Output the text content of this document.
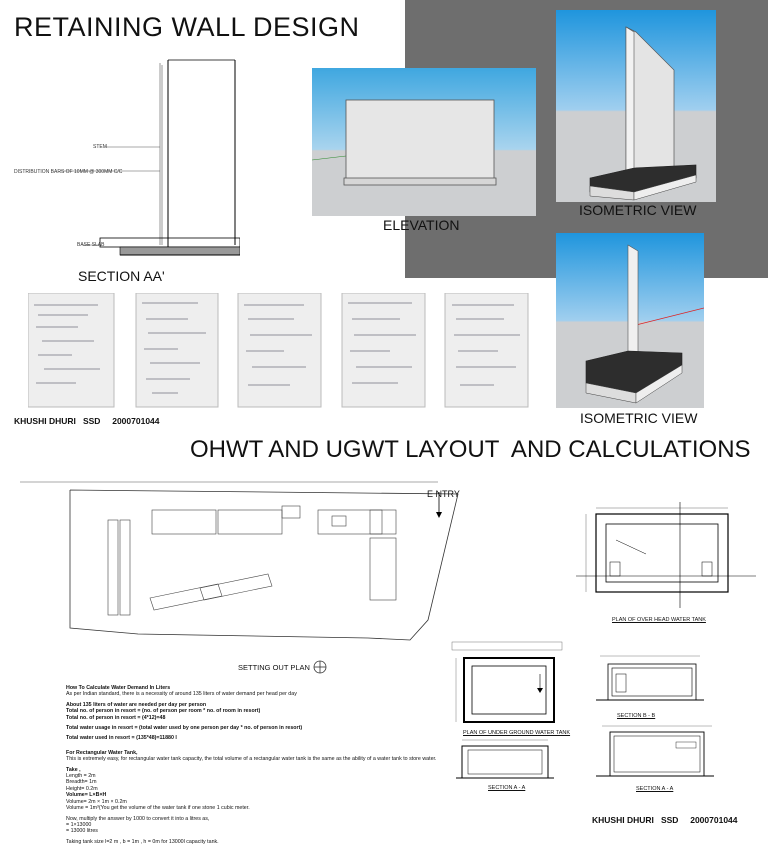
RETAINING WALL DESIGN
STEM
DISTRIBUTION BARS OF 10MM @ 300MM C/C
BASE SLAB
SECTION AA'
ELEVATION
ISOMETRIC VIEW
ISOMETRIC VIEW
KHUSHI DHURI   SSD     2000701044
OHWT AND UGWT LAYOUT  AND CALCULATIONS
E NTRY
SETTING OUT PLAN
PLAN OF OVER HEAD WATER TANK
PLAN OF UNDER GROUND WATER TANK
SECTION B - B
SECTION A - A	SECTION A - A
How To Calculate Water Demand In Liters
As per Indian standard, there is a necessity of around 135 liters of water demand per head per day
About 135 liters of water are needed per day per person
Total no. of person in resort = (no. of person per room * no. of room in resort)
Total no. of person in resort = (4*12)=48
Total water usage in resort = (total water used by one person per day * no. of person in resort)
Total water used in resort = (135*48)=11880 l
For Rectangular Water Tank,
This is extremely easy, for rectangular water tank capacity, the total volume of a rectangular water tank is the same as the ability of a water tank to store water.
Take ,
Length = 2m
Breadth= 1m
Height= 0.2m
Volume= L×B×H
Volume= 2m × 1m × 0.2m
Volume = 1m³(You get the volume of the water tank if one stone 1 cubic meter.
Now, multiply the answer by 1000 to convert it into a litres as,
= 1×13000
= 13000 litres
Taking tank size l=2 m , b = 1m , h = 0m for 13000l capacity tank.
KHUSHI DHURI   SSD     2000701044
